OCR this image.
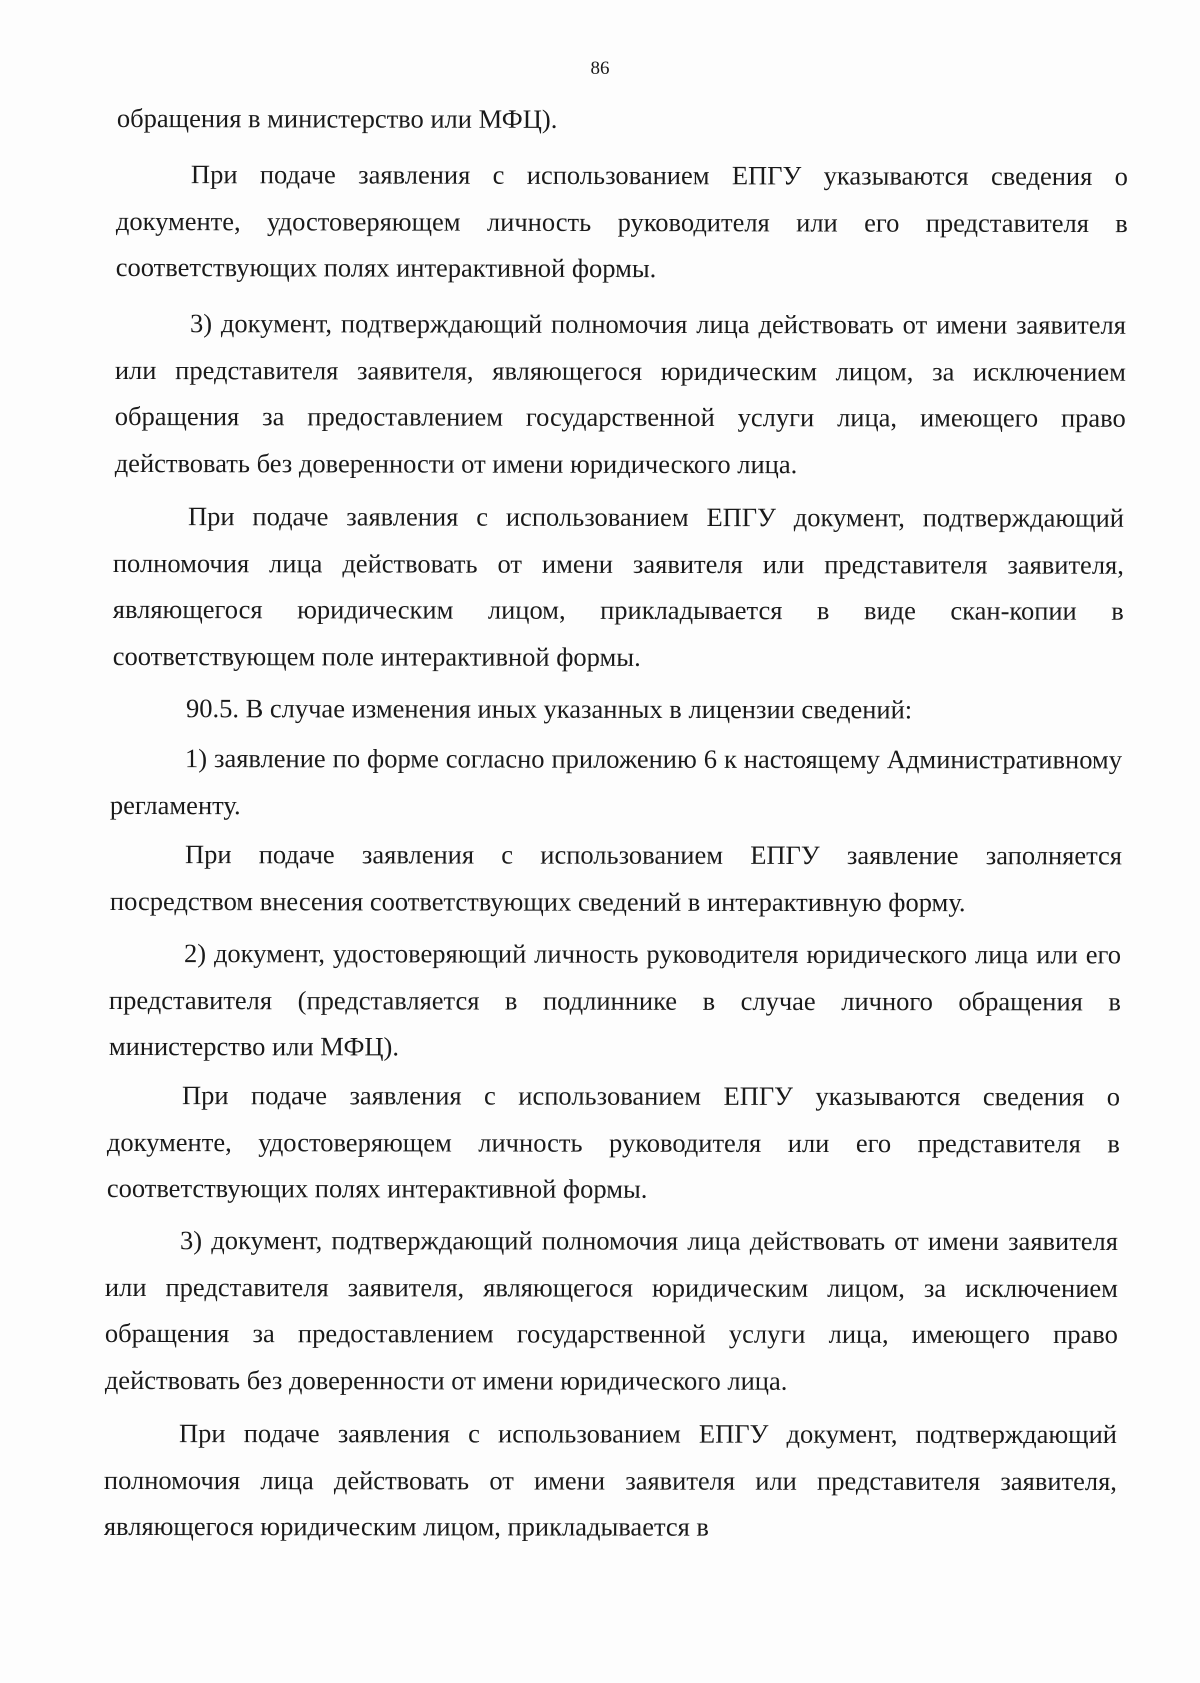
86

обращения в министерство или МФЦ).

При подаче заявления с использованием ЕПГУ указываются сведения о документе, удостоверяющем личность руководителя или его представителя в соответствующих полях интерактивной формы.

3) документ, подтверждающий полномочия лица действовать от имени заявителя или представителя заявителя, являющегося юридическим лицом, за исключением обращения за предоставлением государственной услуги лица, имеющего право действовать без доверенности от имени юридического лица.

При подаче заявления с использованием ЕПГУ документ, подтверждающий полномочия лица действовать от имени заявителя или представителя заявителя, являющегося юридическим лицом, прикладывается в виде скан-копии в соответствующем поле интерактивной формы.

90.5. В случае изменения иных указанных в лицензии сведений:

1) заявление по форме согласно приложению 6 к настоящему Административному регламенту.

При подаче заявления с использованием ЕПГУ заявление заполняется посредством внесения соответствующих сведений в интерактивную форму.

2) документ, удостоверяющий личность руководителя юридического лица или его представителя (представляется в подлиннике в случае личного обращения в министерство или МФЦ).

При подаче заявления с использованием ЕПГУ указываются сведения о документе, удостоверяющем личность руководителя или его представителя в соответствующих полях интерактивной формы.

3) документ, подтверждающий полномочия лица действовать от имени заявителя или представителя заявителя, являющегося юридическим лицом, за исключением обращения за предоставлением государственной услуги лица, имеющего право действовать без доверенности от имени юридического лица.

При подаче заявления с использованием ЕПГУ документ, подтверждающий полномочия лица действовать от имени заявителя или представителя заявителя, являющегося юридическим лицом, прикладывается в
